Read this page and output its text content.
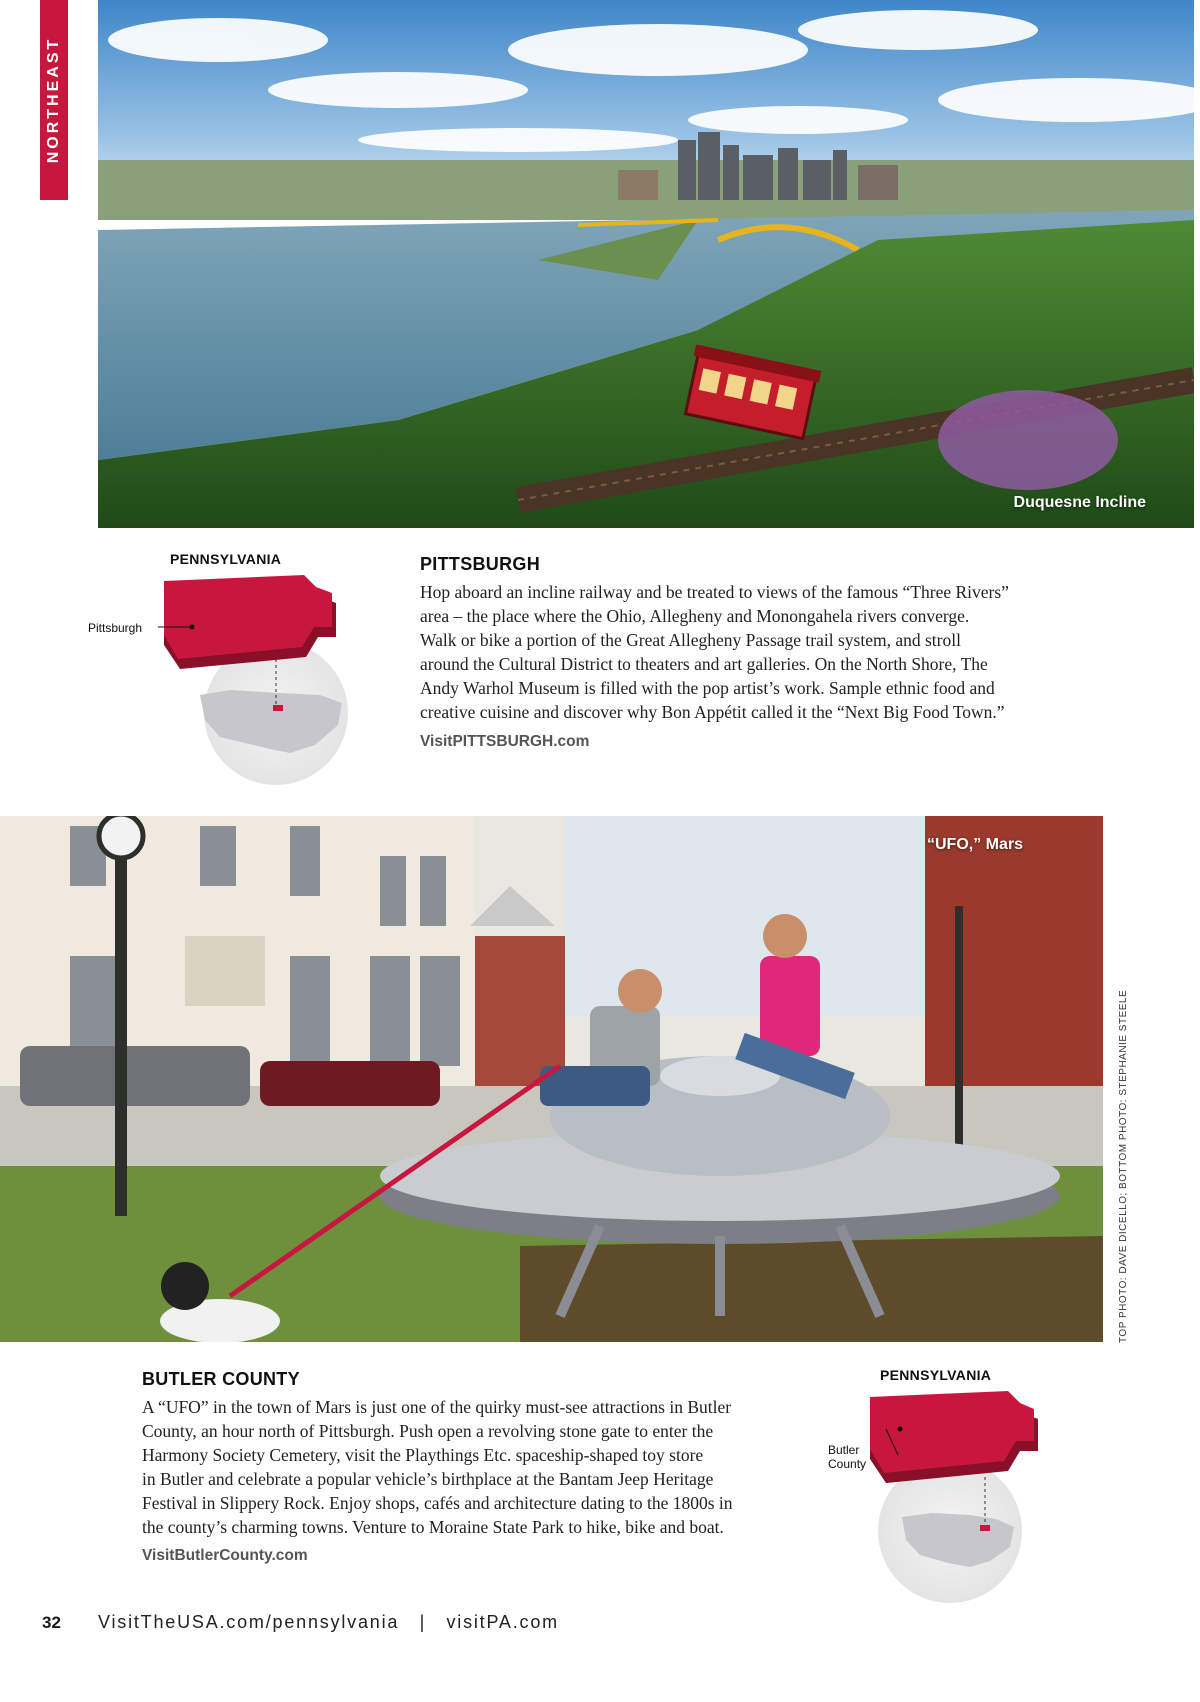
NORTHEAST
Duquesne Incline
PENNSYLVANIA
Pittsburgh
PITTSBURGH
Hop aboard an incline railway and be treated to views of the famous “Three Rivers”
area – the place where the Ohio, Allegheny and Monongahela rivers converge.
Walk or bike a portion of the Great Allegheny Passage trail system, and stroll
around the Cultural District to theaters and art galleries. On the North Shore, The
Andy Warhol Museum is filled with the pop artist’s work. Sample ethnic food and
creative cuisine and discover why Bon Appétit called it the “Next Big Food Town.”
VisitPITTSBURGH.com
“UFO,” Mars
TOP PHOTO: DAVE DICELLO; BOTTOM PHOTO: STEPHANIE STEELE
BUTLER COUNTY
A “UFO” in the town of Mars is just one of the quirky must-see attractions in Butler
County, an hour north of Pittsburgh. Push open a revolving stone gate to enter the
Harmony Society Cemetery, visit the Playthings Etc. spaceship-shaped toy store
in Butler and celebrate a popular vehicle’s birthplace at the Bantam Jeep Heritage
Festival in Slippery Rock. Enjoy shops, cafés and architecture dating to the 1800s in
the county’s charming towns. Venture to Moraine State Park to hike, bike and boat.
VisitButlerCounty.com
PENNSYLVANIA
Butler
County
32 VisitTheUSA.com/pennsylvania   |   visitPA.com
